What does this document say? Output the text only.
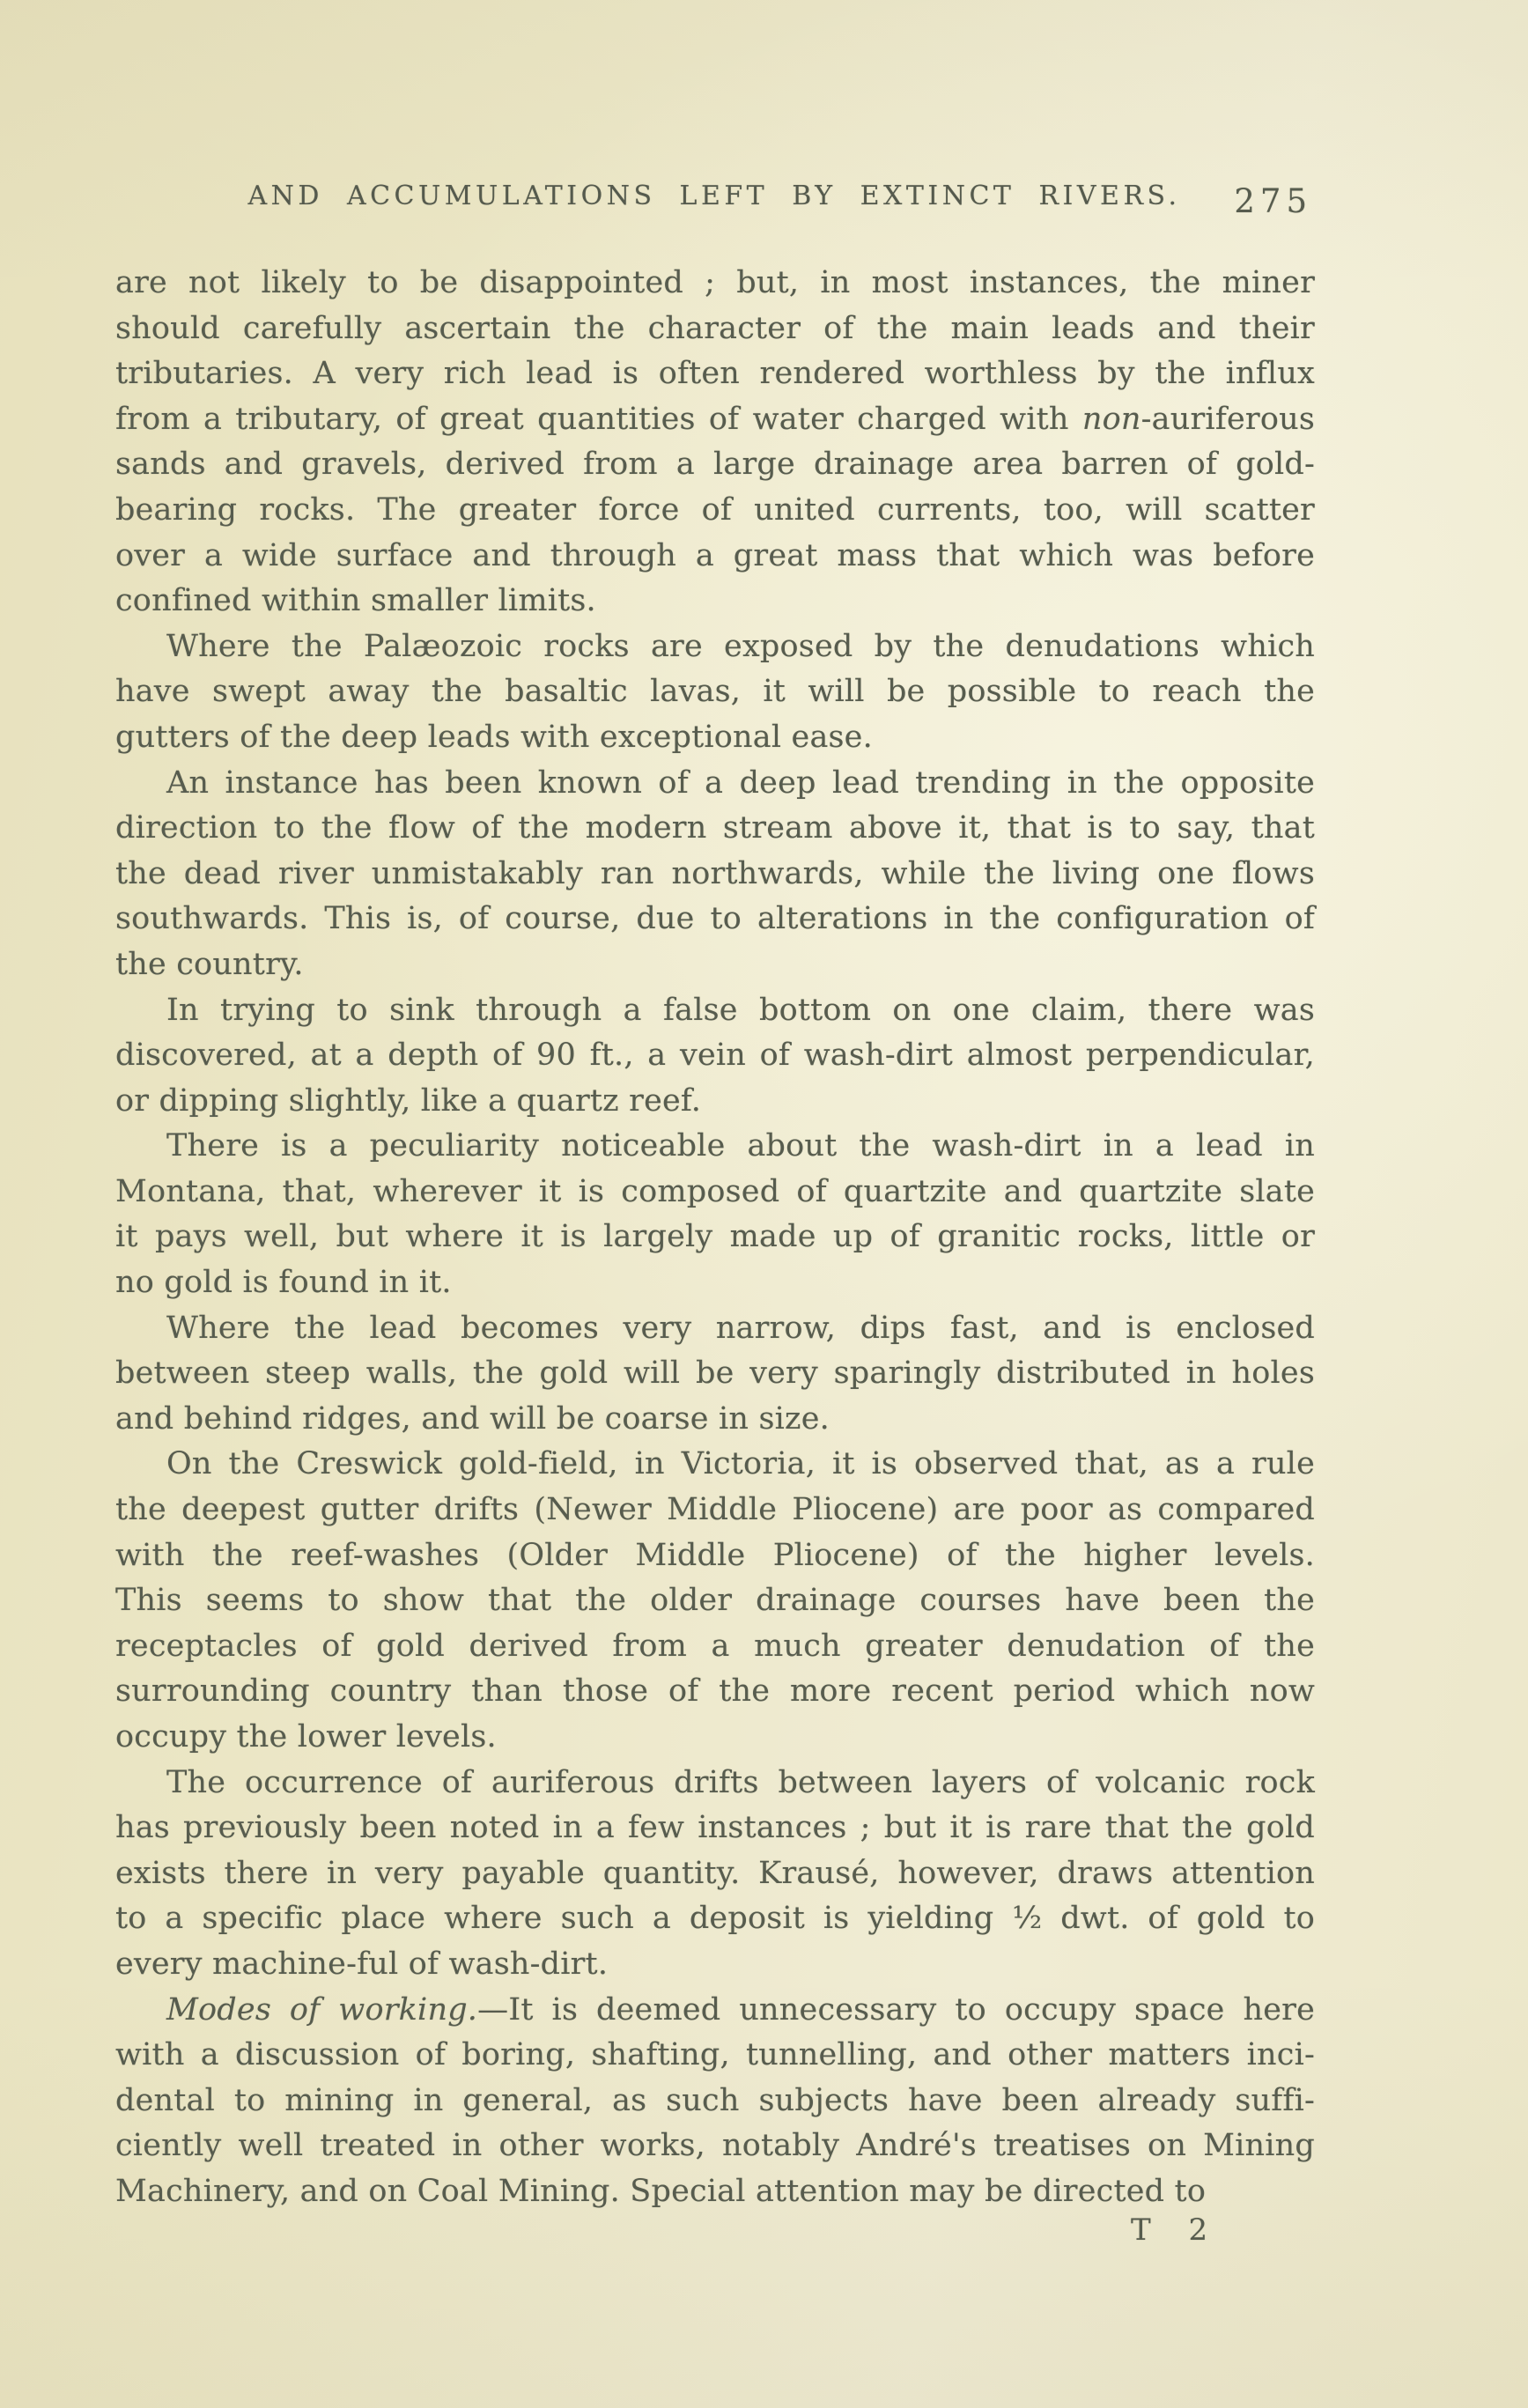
AND ACCUMULATIONS LEFT BY EXTINCT RIVERS.	275
are not likely to be disappointed ; but, in most instances, the miner
should carefully ascertain the character of the main leads and their
tributaries. A very rich lead is often rendered worthless by the influx
from a tributary, of great quantities of water charged with non-auriferous
sands and gravels, derived from a large drainage area barren of gold-
bearing rocks. The greater force of united currents, too, will scatter
over a wide surface and through a great mass that which was before
confined within smaller limits.
Where the Palæozoic rocks are exposed by the denudations which
have swept away the basaltic lavas, it will be possible to reach the
gutters of the deep leads with exceptional ease.
An instance has been known of a deep lead trending in the opposite
direction to the flow of the modern stream above it, that is to say, that
the dead river unmistakably ran northwards, while the living one flows
southwards. This is, of course, due to alterations in the configuration of
the country.
In trying to sink through a false bottom on one claim, there was
discovered, at a depth of 90 ft., a vein of wash-dirt almost perpendicular,
or dipping slightly, like a quartz reef.
There is a peculiarity noticeable about the wash-dirt in a lead in
Montana, that, wherever it is composed of quartzite and quartzite slate
it pays well, but where it is largely made up of granitic rocks, little or
no gold is found in it.
Where the lead becomes very narrow, dips fast, and is enclosed
between steep walls, the gold will be very sparingly distributed in holes
and behind ridges, and will be coarse in size.
On the Creswick gold-field, in Victoria, it is observed that, as a rule
the deepest gutter drifts (Newer Middle Pliocene) are poor as compared
with the reef-washes (Older Middle Pliocene) of the higher levels.
This seems to show that the older drainage courses have been the
receptacles of gold derived from a much greater denudation of the
surrounding country than those of the more recent period which now
occupy the lower levels.
The occurrence of auriferous drifts between layers of volcanic rock
has previously been noted in a few instances ; but it is rare that the gold
exists there in very payable quantity. Krausé, however, draws attention
to a specific place where such a deposit is yielding ½ dwt. of gold to
every machine-ful of wash-dirt.
Modes of working.—It is deemed unnecessary to occupy space here
with a discussion of boring, shafting, tunnelling, and other matters inci-
dental to mining in general, as such subjects have been already suffi-
ciently well treated in other works, notably André's treatises on Mining
Machinery, and on Coal Mining. Special attention may be directed to
T 2
